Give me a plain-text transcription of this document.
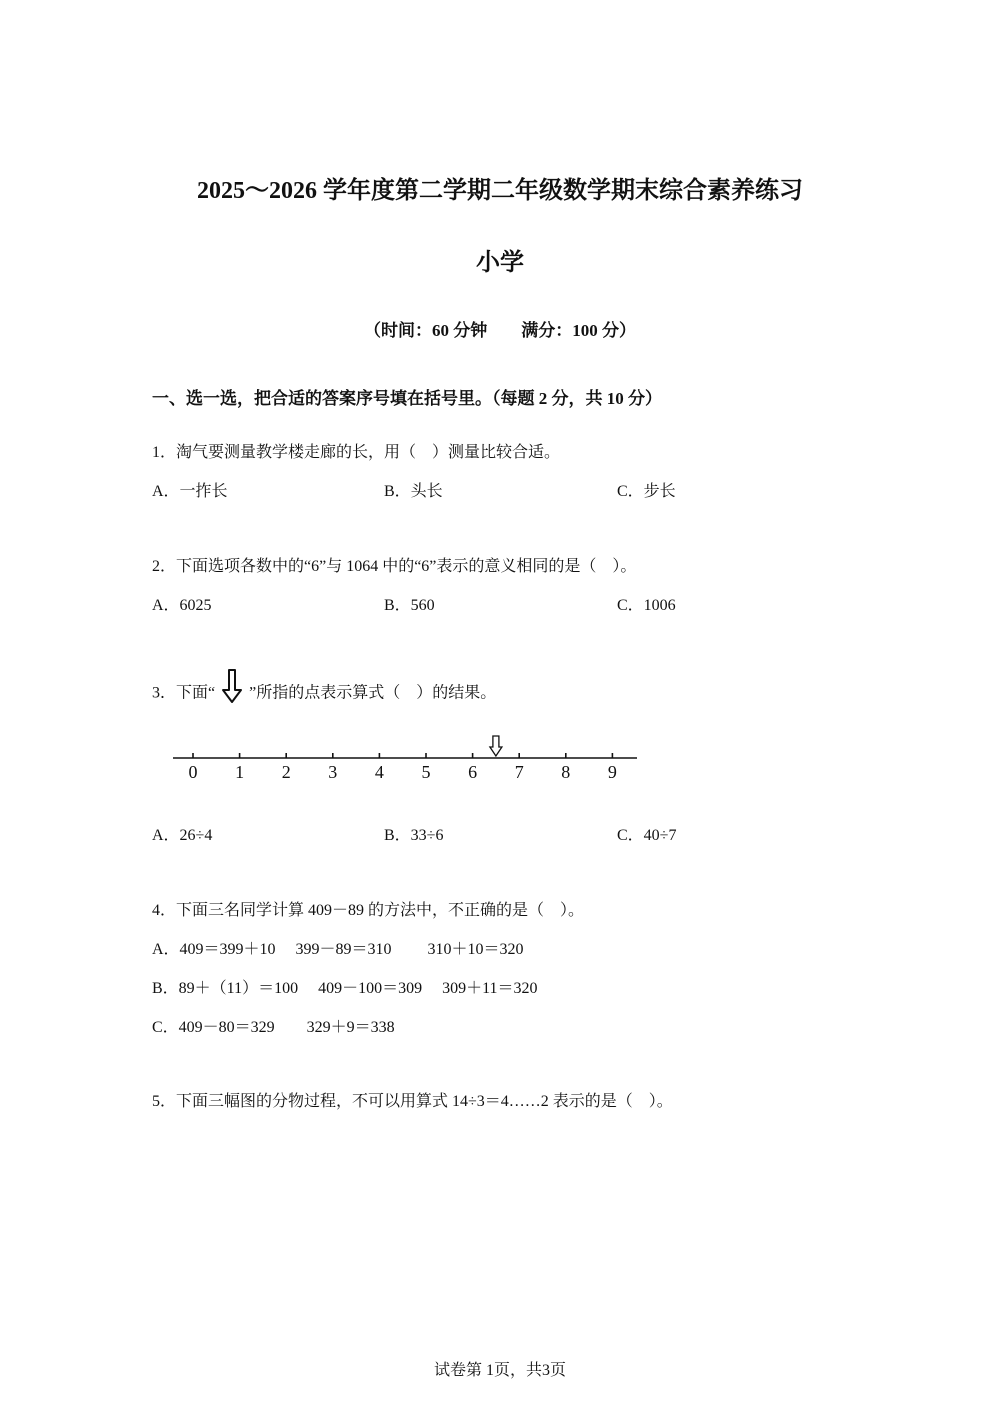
2025～2026 学年度第二学期二年级数学期末综合素养练习
小学
（时间：60 分钟　　满分：100 分）
一、选一选，把合适的答案序号填在括号里。（每题 2 分，共 10 分）
1．淘气要测量教学楼走廊的长，用（　）测量比较合适。
A．一拃长	B．头长	C．步长
2．下面选项各数中的“6”与 1064 中的“6”表示的意义相同的是（　）。
A．6025	B．560	C．1006
3．下面“ ”所指的点表示算式（　）的结果。
0 1 2 3 4 5 6 7 8 9
A．26÷4	B．33÷6	C．40÷7
4．下面三名同学计算 409－89 的方法中，不正确的是（　）。
A．409＝399＋10　 399－89＝310　　 310＋10＝320
B．89＋（11）＝100　 409－100＝309　 309＋11＝320
C．409－80＝329　　329＋9＝338
5．下面三幅图的分物过程，不可以用算式 14÷3＝4……2 表示的是（　）。
试卷第 1页，共3页
